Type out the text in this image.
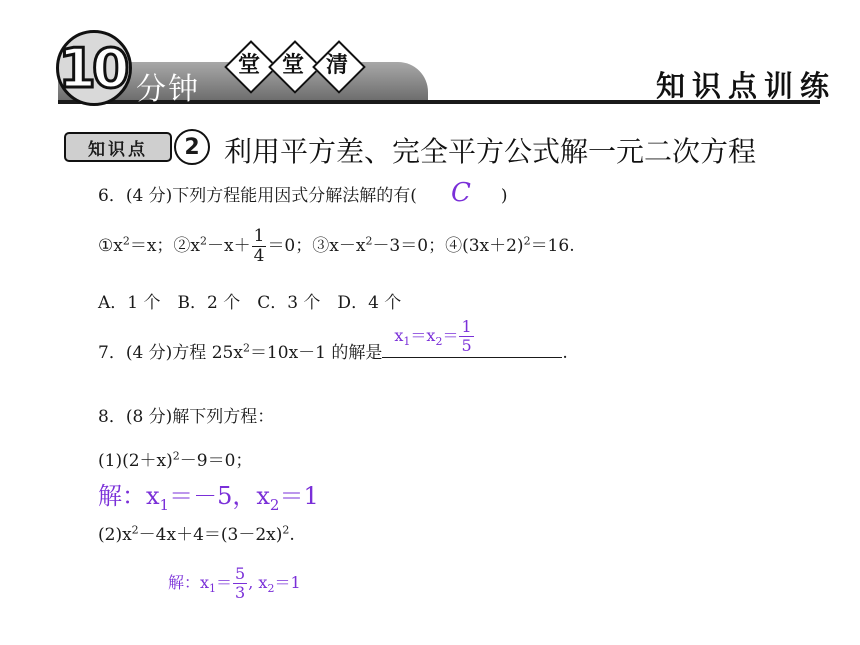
10 分钟
堂 堂 清
知识点训练
知识点	2 利用平方差、完全平方公式解一元二次方程
6．(4 分)下列方程能用因式分解法解的有( C )
$①x^2=x$；$②x^2-x+ \frac{1}{4} =0$；$③x-x^2-3=0$；$④(3x+2)^2=16$.
A．1 个　B．2 个　C．3 个　D．4 个
7．(4 分)方程 $25x^2=10x-1$ 的解是
$x_1=x_2= \frac{1}{5}$	.
8．(8 分)解下列方程：
$(1)(2+x)^2-9=0$；
解：$x_1=-5$，$x_2=1$
$(2)x^2-4x+4=(3-2x)^2$.
解：$x_1= \frac{5}{3}$ , $x_2=1$
